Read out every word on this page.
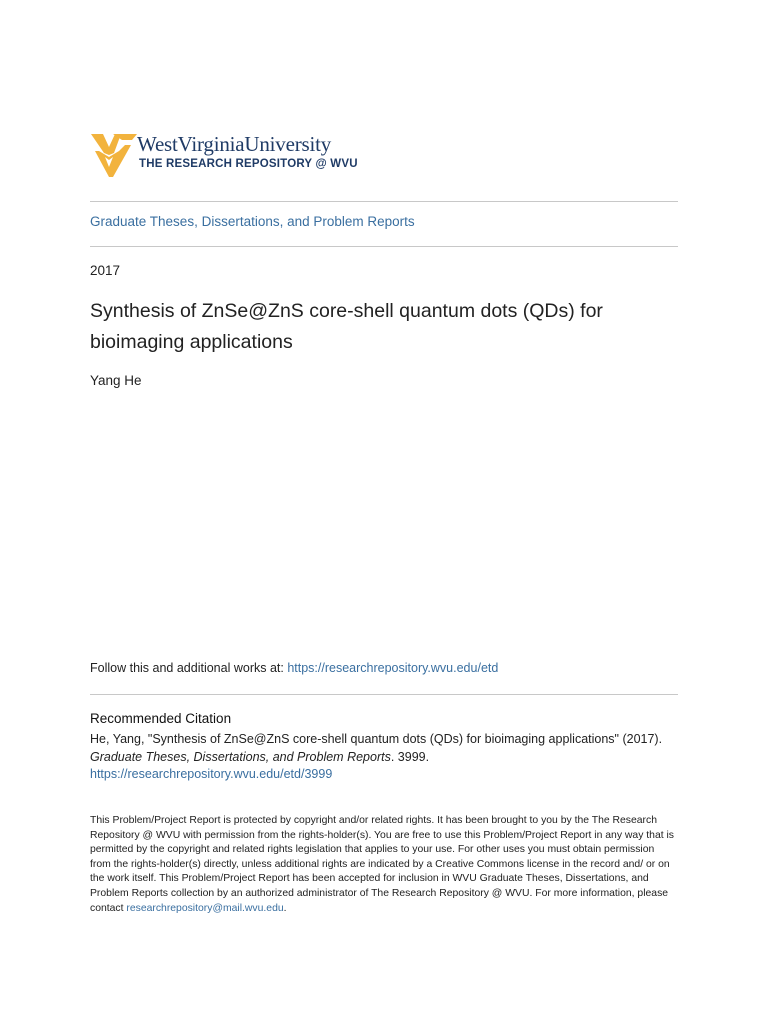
WestVirginiaUniversity
THE RESEARCH REPOSITORY @ WVU
Graduate Theses, Dissertations, and Problem Reports
2017
Synthesis of ZnSe@ZnS core-shell quantum dots (QDs) for bioimaging applications
Yang He
Follow this and additional works at: https://researchrepository.wvu.edu/etd
Recommended Citation
He, Yang, "Synthesis of ZnSe@ZnS core-shell quantum dots (QDs) for bioimaging applications" (2017).
Graduate Theses, Dissertations, and Problem Reports. 3999.
https://researchrepository.wvu.edu/etd/3999
This Problem/Project Report is protected by copyright and/or related rights. It has been brought to you by the The Research Repository @ WVU with permission from the rights-holder(s). You are free to use this Problem/Project Report in any way that is permitted by the copyright and related rights legislation that applies to your use. For other uses you must obtain permission from the rights-holder(s) directly, unless additional rights are indicated by a Creative Commons license in the record and/ or on the work itself. This Problem/Project Report has been accepted for inclusion in WVU Graduate Theses, Dissertations, and Problem Reports collection by an authorized administrator of The Research Repository @ WVU. For more information, please contact researchrepository@mail.wvu.edu.
